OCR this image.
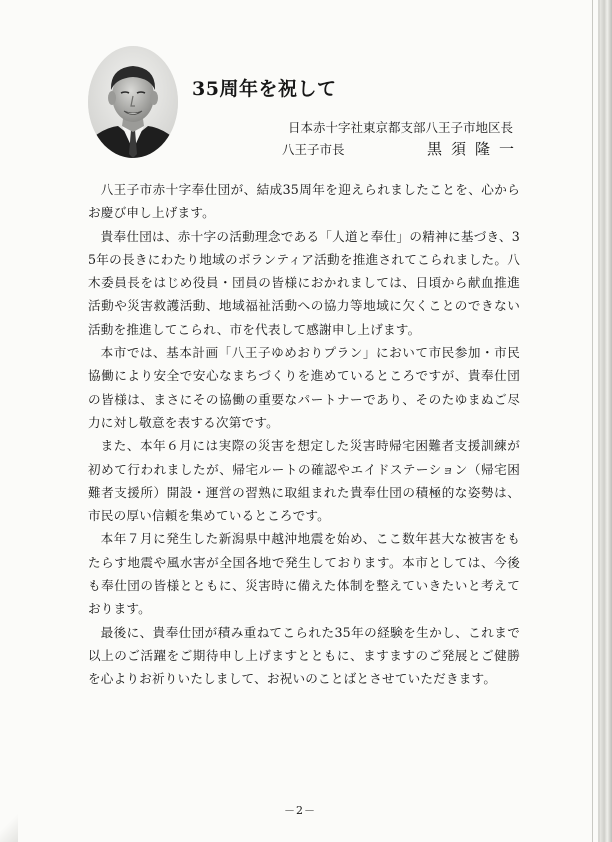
35周年を祝して
日本赤十字社東京都支部八王子市地区長
八王子市長	黒須隆一

八王子市赤十字奉仕団が、結成35周年を迎えられましたことを、心からお慶び申し上げます。

貴奉仕団は、赤十字の活動理念である「人道と奉仕」の精神に基づき、35年の長きにわたり地域のボランティア活動を推進されてこられました。八木委員長をはじめ役員・団員の皆様におかれましては、日頃から献血推進活動や災害救護活動、地域福祉活動への協力等地域に欠くことのできない活動を推進してこられ、市を代表して感謝申し上げます。

本市では、基本計画「八王子ゆめおりプラン」において市民参加・市民協働により安全で安心なまちづくりを進めているところですが、貴奉仕団の皆様は、まさにその協働の重要なパートナーであり、そのたゆまぬご尽力に対し敬意を表する次第です。

また、本年６月には実際の災害を想定した災害時帰宅困難者支援訓練が初めて行われましたが、帰宅ルートの確認やエイドステーション（帰宅困難者支援所）開設・運営の習熟に取組まれた貴奉仕団の積極的な姿勢は、市民の厚い信頼を集めているところです。

本年７月に発生した新潟県中越沖地震を始め、ここ数年甚大な被害をもたらす地震や風水害が全国各地で発生しております。本市としては、今後も奉仕団の皆様とともに、災害時に備えた体制を整えていきたいと考えております。

最後に、貴奉仕団が積み重ねてこられた35年の経験を生かし、これまで以上のご活躍をご期待申し上げますとともに、ますますのご発展とご健勝を心よりお祈りいたしまして、お祝いのことばとさせていただきます。

－2－
